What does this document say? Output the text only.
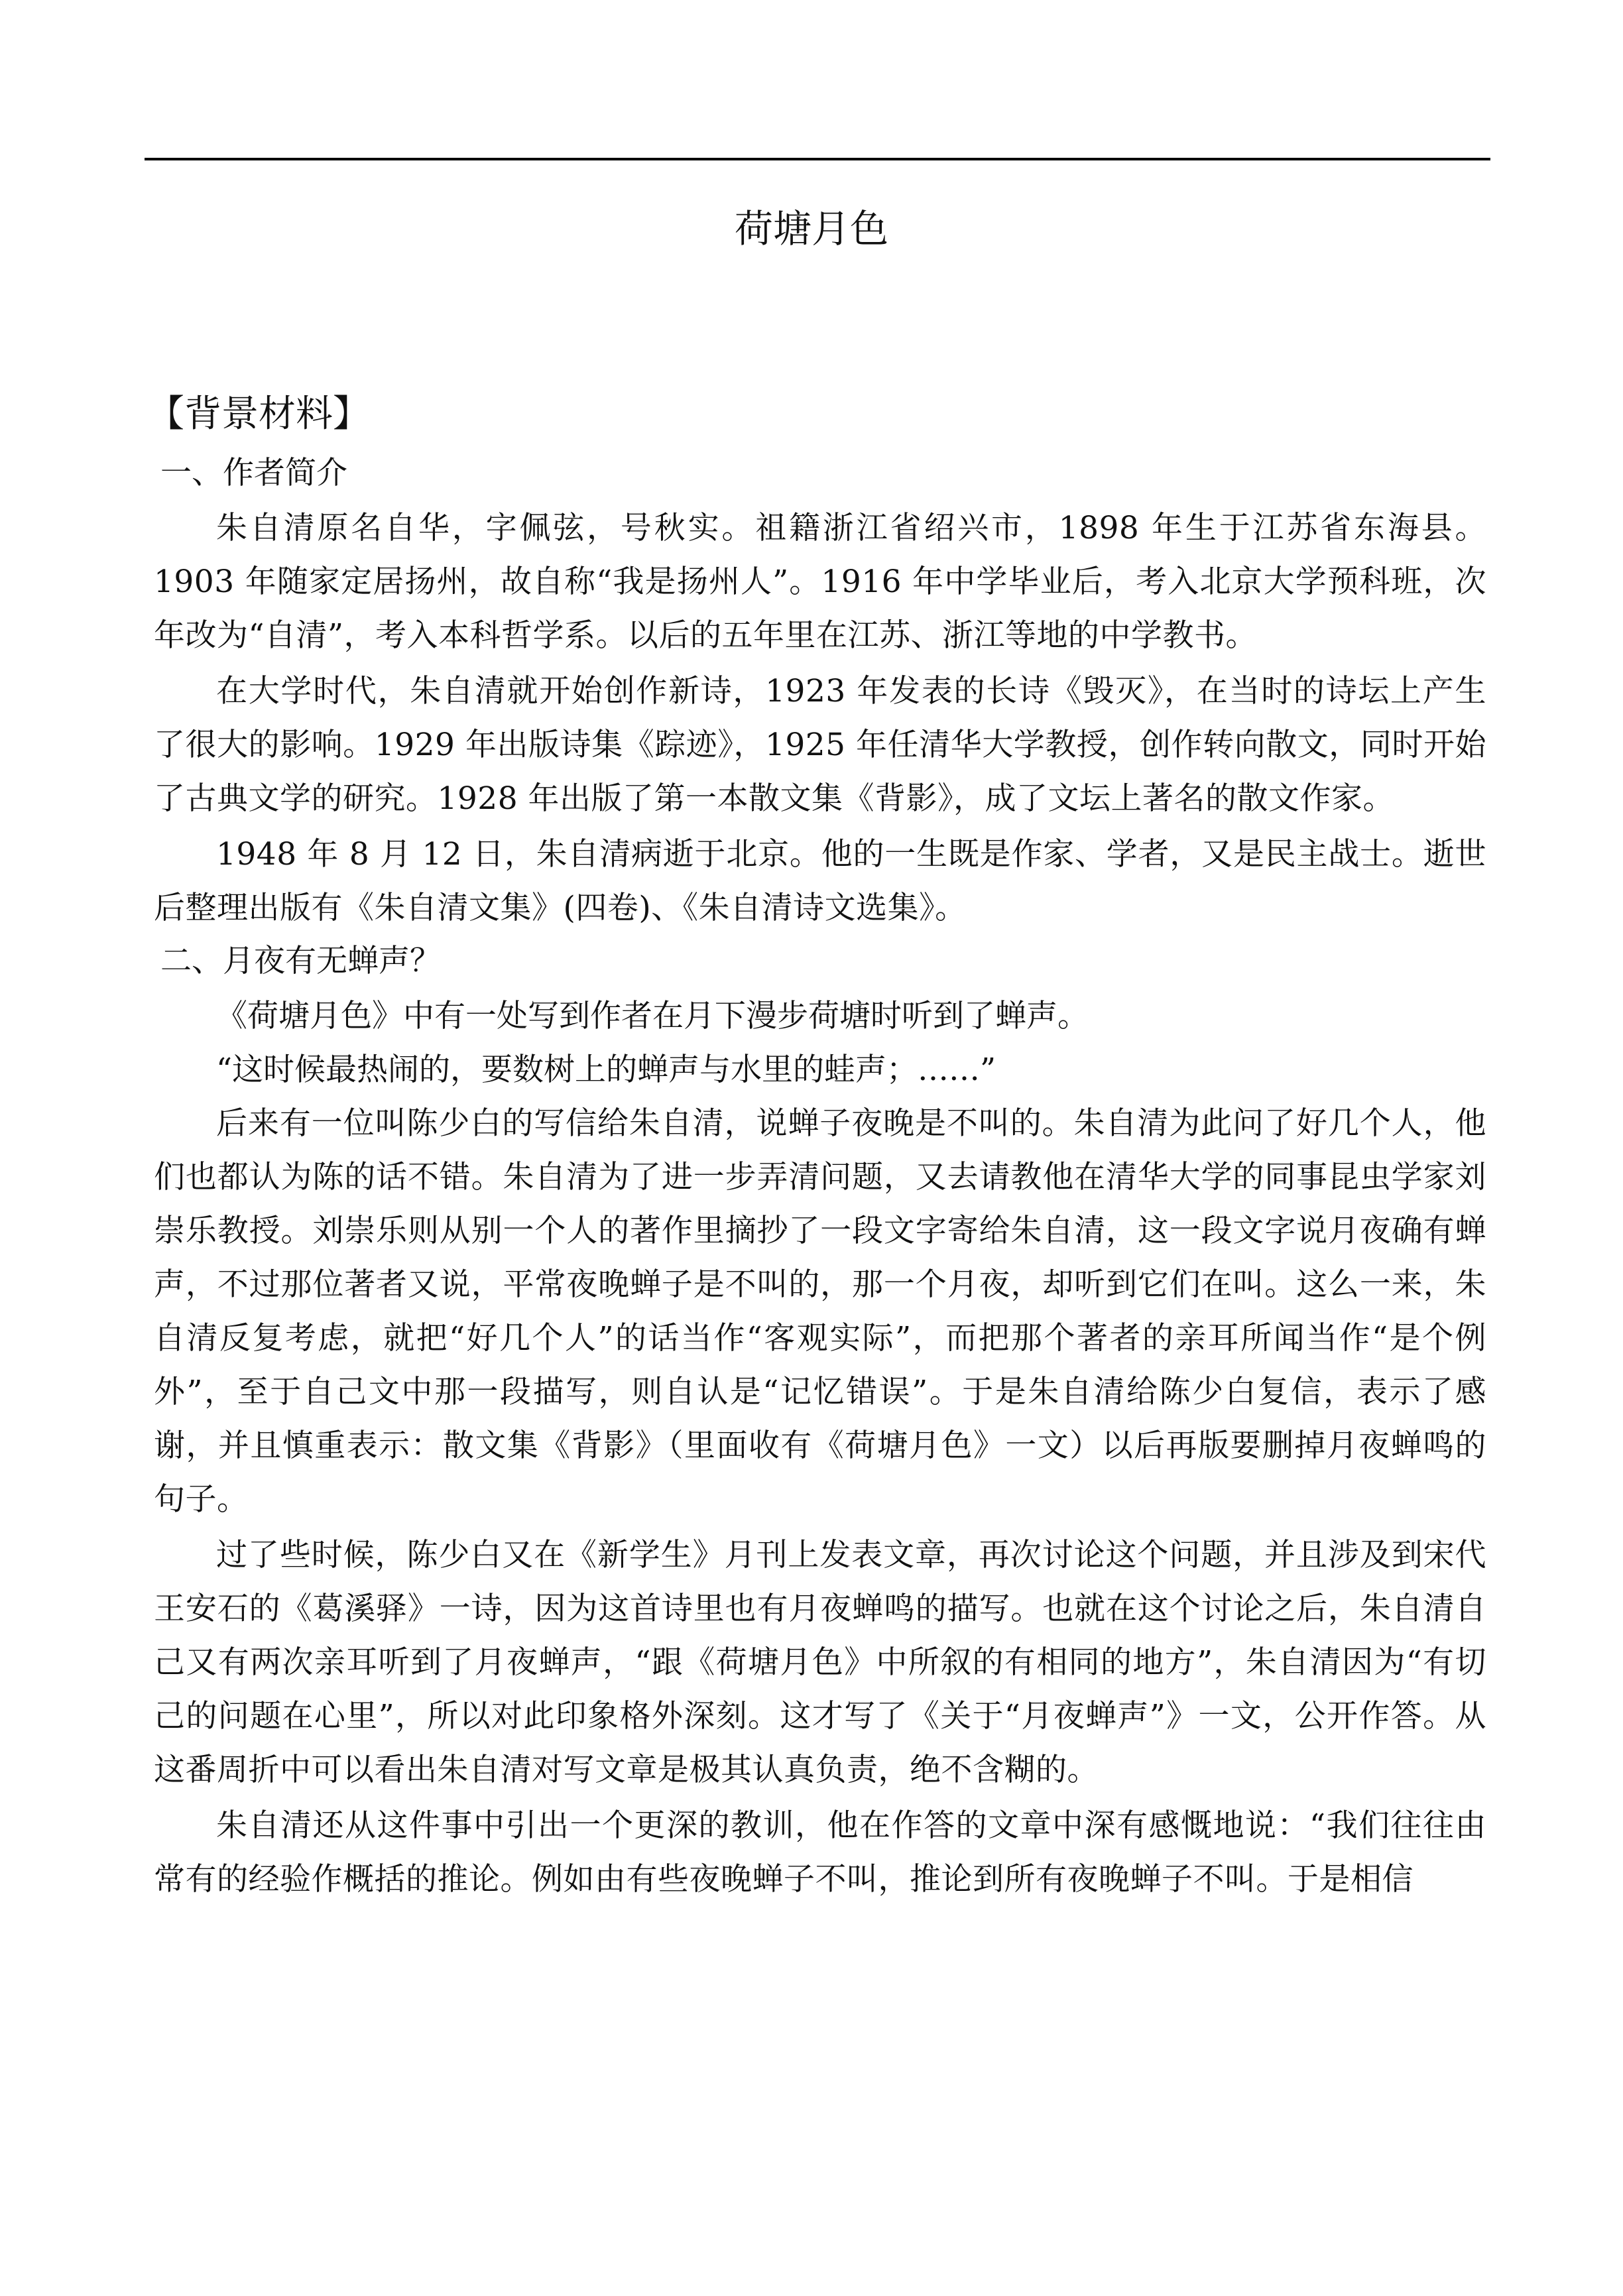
荷塘月色
【背景材料】
一、作者简介

朱自清原名自华，字佩弦，号秋实。祖籍浙江省绍兴市，1898 年生于江苏省东海县。1903 年随家定居扬州，故自称“我是扬州人”。1916 年中学毕业后，考入北京大学预科班，次年改为“自清”，考入本科哲学系。以后的五年里在江苏、浙江等地的中学教书。

在大学时代，朱自清就开始创作新诗，1923 年发表的长诗《毁灭》，在当时的诗坛上产生了很大的影响。1929 年出版诗集《踪迹》，1925 年任清华大学教授，创作转向散文，同时开始了古典文学的研究。1928 年出版了第一本散文集《背影》，成了文坛上著名的散文作家。

1948 年 8 月 12 日，朱自清病逝于北京。他的一生既是作家、学者，又是民主战士。逝世后整理出版有《朱自清文集》(四卷)、《朱自清诗文选集》。

二、月夜有无蝉声？

《荷塘月色》中有一处写到作者在月下漫步荷塘时听到了蝉声。

“这时候最热闹的，要数树上的蝉声与水里的蛙声；……”

后来有一位叫陈少白的写信给朱自清，说蝉子夜晚是不叫的。朱自清为此问了好几个人，他们也都认为陈的话不错。朱自清为了进一步弄清问题，又去请教他在清华大学的同事昆虫学家刘崇乐教授。刘崇乐则从别一个人的著作里摘抄了一段文字寄给朱自清，这一段文字说月夜确有蝉声，不过那位著者又说，平常夜晚蝉子是不叫的，那一个月夜，却听到它们在叫。这么一来，朱自清反复考虑，就把“好几个人”的话当作“客观实际”，而把那个著者的亲耳所闻当作“是个例外”，至于自己文中那一段描写，则自认是“记忆错误”。于是朱自清给陈少白复信，表示了感谢，并且慎重表示：散文集《背影》（里面收有《荷塘月色》一文）以后再版要删掉月夜蝉鸣的句子。

过了些时候，陈少白又在《新学生》月刊上发表文章，再次讨论这个问题，并且涉及到宋代王安石的《葛溪驿》一诗，因为这首诗里也有月夜蝉鸣的描写。也就在这个讨论之后，朱自清自己又有两次亲耳听到了月夜蝉声，“跟《荷塘月色》中所叙的有相同的地方”，朱自清因为“有切己的问题在心里”，所以对此印象格外深刻。这才写了《关于“月夜蝉声”》一文，公开作答。从这番周折中可以看出朱自清对写文章是极其认真负责，绝不含糊的。

朱自清还从这件事中引出一个更深的教训，他在作答的文章中深有感慨地说：“我们往往由常有的经验作概括的推论。例如由有些夜晚蝉子不叫，推论到所有夜晚蝉子不叫。于是相信
